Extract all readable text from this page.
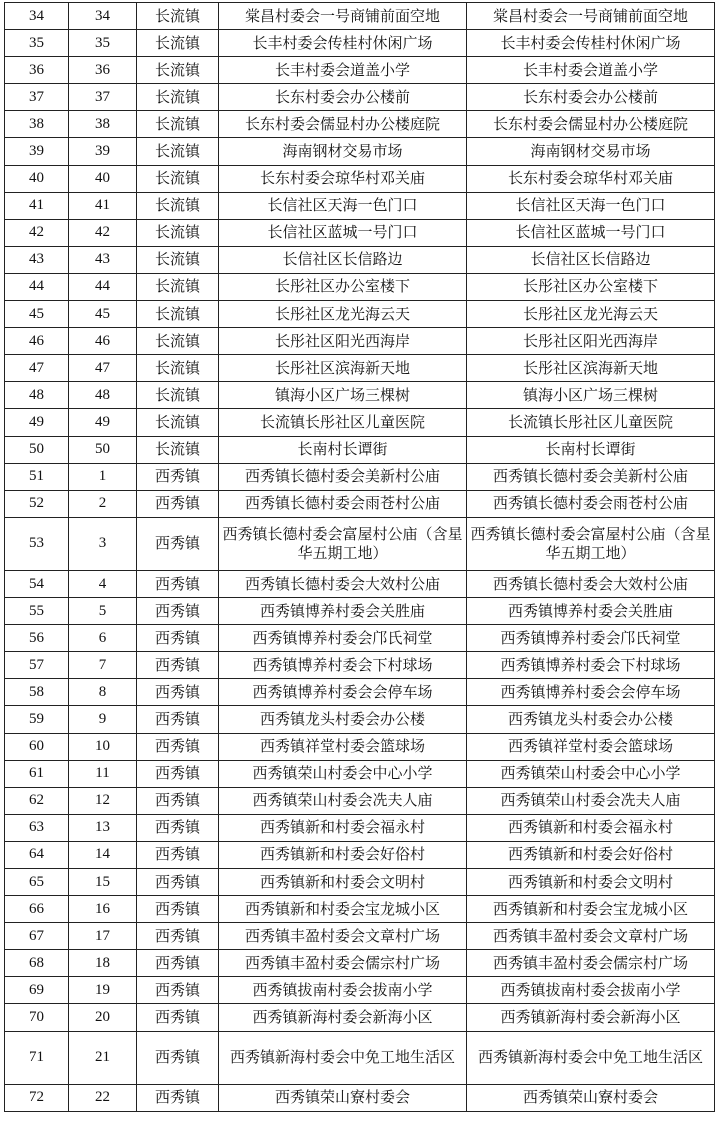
34	34	长流镇	棠昌村委会一号商铺前面空地	棠昌村委会一号商铺前面空地
35	35	长流镇	长丰村委会传桂村休闲广场	长丰村委会传桂村休闲广场
36	36	长流镇	长丰村委会道盖小学	长丰村委会道盖小学
37	37	长流镇	长东村委会办公楼前	长东村委会办公楼前
38	38	长流镇	长东村委会儒显村办公楼庭院	长东村委会儒显村办公楼庭院
39	39	长流镇	海南钢材交易市场	海南钢材交易市场
40	40	长流镇	长东村委会琼华村邓关庙	长东村委会琼华村邓关庙
41	41	长流镇	长信社区天海一色门口	长信社区天海一色门口
42	42	长流镇	长信社区蓝城一号门口	长信社区蓝城一号门口
43	43	长流镇	长信社区长信路边	长信社区长信路边
44	44	长流镇	长彤社区办公室楼下	长彤社区办公室楼下
45	45	长流镇	长彤社区龙光海云天	长彤社区龙光海云天
46	46	长流镇	长彤社区阳光西海岸	长彤社区阳光西海岸
47	47	长流镇	长彤社区滨海新天地	长彤社区滨海新天地
48	48	长流镇	镇海小区广场三棵树	镇海小区广场三棵树
49	49	长流镇	长流镇长彤社区儿童医院	长流镇长彤社区儿童医院
50	50	长流镇	长南村长谭街	长南村长谭街
51	1	西秀镇	西秀镇长德村委会美新村公庙	西秀镇长德村委会美新村公庙
52	2	西秀镇	西秀镇长德村委会雨苍村公庙	西秀镇长德村委会雨苍村公庙
53	3	西秀镇	西秀镇长德村委会富屋村公庙（含星华五期工地）	西秀镇长德村委会富屋村公庙（含星华五期工地）
54	4	西秀镇	西秀镇长德村委会大效村公庙	西秀镇长德村委会大效村公庙
55	5	西秀镇	西秀镇博养村委会关胜庙	西秀镇博养村委会关胜庙
56	6	西秀镇	西秀镇博养村委会邝氏祠堂	西秀镇博养村委会邝氏祠堂
57	7	西秀镇	西秀镇博养村委会下村球场	西秀镇博养村委会下村球场
58	8	西秀镇	西秀镇博养村委会会停车场	西秀镇博养村委会会停车场
59	9	西秀镇	西秀镇龙头村委会办公楼	西秀镇龙头村委会办公楼
60	10	西秀镇	西秀镇祥堂村委会篮球场	西秀镇祥堂村委会篮球场
61	11	西秀镇	西秀镇荣山村委会中心小学	西秀镇荣山村委会中心小学
62	12	西秀镇	西秀镇荣山村委会冼夫人庙	西秀镇荣山村委会冼夫人庙
63	13	西秀镇	西秀镇新和村委会福永村	西秀镇新和村委会福永村
64	14	西秀镇	西秀镇新和村委会好俗村	西秀镇新和村委会好俗村
65	15	西秀镇	西秀镇新和村委会文明村	西秀镇新和村委会文明村
66	16	西秀镇	西秀镇新和村委会宝龙城小区	西秀镇新和村委会宝龙城小区
67	17	西秀镇	西秀镇丰盈村委会文章村广场	西秀镇丰盈村委会文章村广场
68	18	西秀镇	西秀镇丰盈村委会儒宗村广场	西秀镇丰盈村委会儒宗村广场
69	19	西秀镇	西秀镇拔南村委会拔南小学	西秀镇拔南村委会拔南小学
70	20	西秀镇	西秀镇新海村委会新海小区	西秀镇新海村委会新海小区
71	21	西秀镇	西秀镇新海村委会中免工地生活区	西秀镇新海村委会中免工地生活区
72	22	西秀镇	西秀镇荣山寮村委会	西秀镇荣山寮村委会
